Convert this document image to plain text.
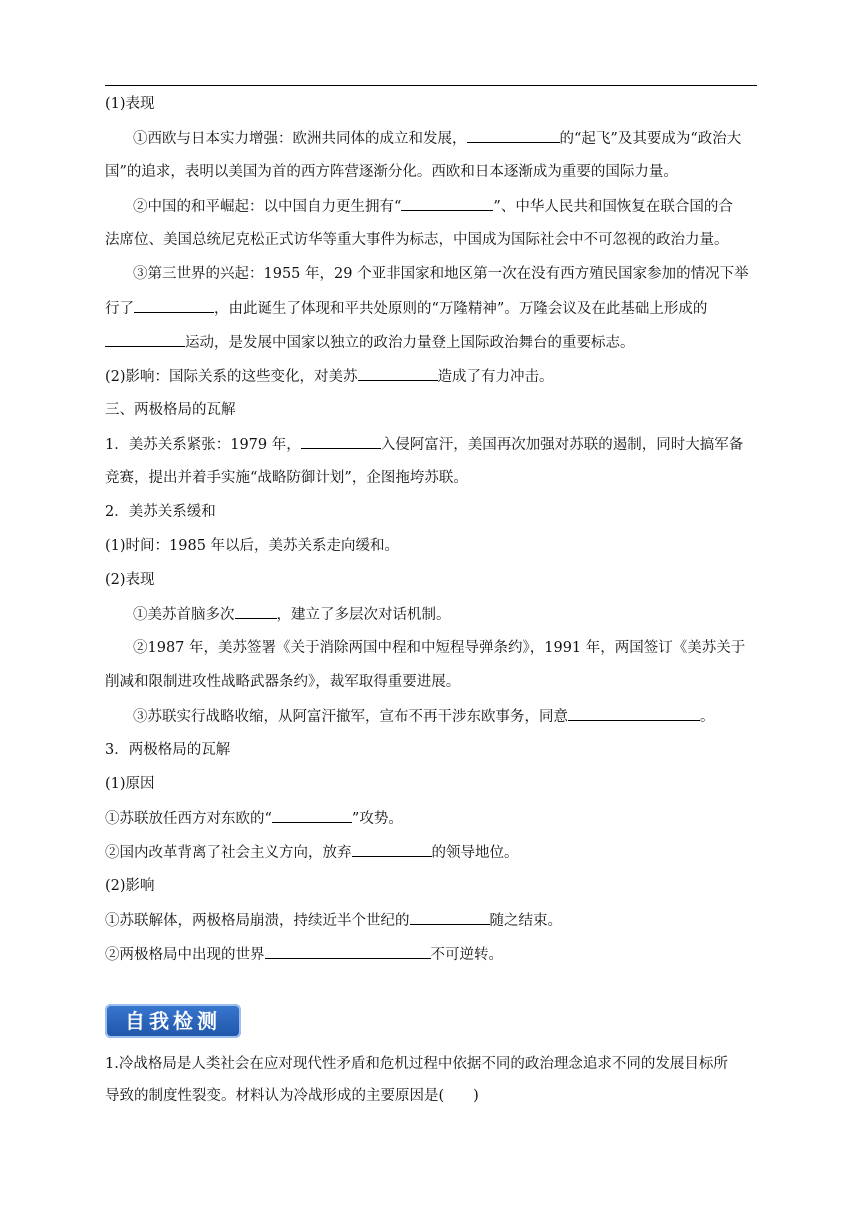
(1)表现
①西欧与日本实力增强：欧洲共同体的成立和发展，	的“起飞”及其要成为“政治大
国”的追求，表明以美国为首的西方阵营逐渐分化。西欧和日本逐渐成为重要的国际力量。
②中国的和平崛起：以中国自力更生拥有“	”、中华人民共和国恢复在联合国的合
法席位、美国总统尼克松正式访华等重大事件为标志，中国成为国际社会中不可忽视的政治力量。
③第三世界的兴起：1955 年，29 个亚非国家和地区第一次在没有西方殖民国家参加的情况下举
行了	，由此诞生了体现和平共处原则的“万隆精神”。万隆会议及在此基础上形成的
运动，是发展中国家以独立的政治力量登上国际政治舞台的重要标志。
(2)影响：国际关系的这些变化，对美苏	造成了有力冲击。
三、两极格局的瓦解
1．美苏关系紧张：1979 年，	入侵阿富汗，美国再次加强对苏联的遏制，同时大搞军备
竞赛，提出并着手实施“战略防御计划”，企图拖垮苏联。
2．美苏关系缓和
(1)时间：1985 年以后，美苏关系走向缓和。
(2)表现
①美苏首脑多次	，建立了多层次对话机制。
②1987 年，美苏签署《关于消除两国中程和中短程导弹条约》，1991 年，两国签订《美苏关于
削减和限制进攻性战略武器条约》，裁军取得重要进展。
③苏联实行战略收缩，从阿富汗撤军，宣布不再干涉东欧事务，同意	。
3．两极格局的瓦解
(1)原因
①苏联放任西方对东欧的“	”攻势。
②国内改革背离了社会主义方向，放弃	的领导地位。
(2)影响
①苏联解体，两极格局崩溃，持续近半个世纪的	随之结束。
②两极格局中出现的世界	不可逆转。
自我检测
1.冷战格局是人类社会在应对现代性矛盾和危机过程中依据不同的政治理念追求不同的发展目标所
导致的制度性裂变。材料认为冷战形成的主要原因是(　　)
